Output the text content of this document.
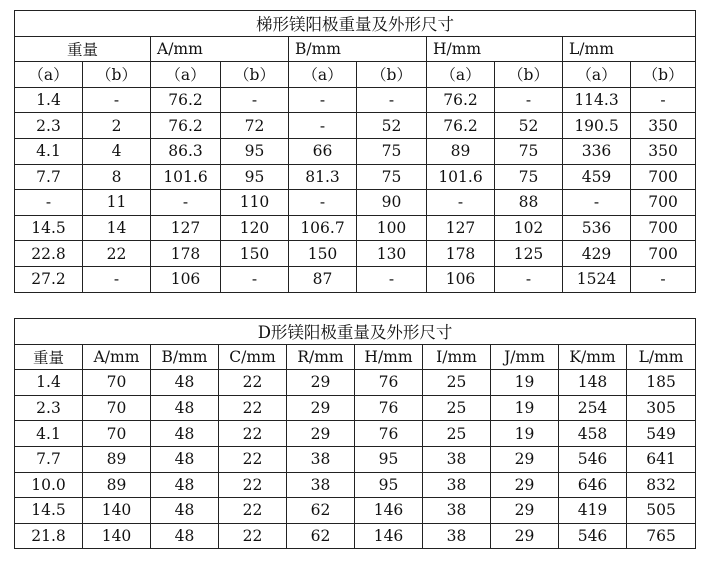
梯形镁阳极重量及外形尺寸									
重量		A/mm		B/mm		H/mm		L/mm	
（a）	（b）	（a）	（b）	（a）	（b）	（a）	（b）	（a）	（b）
1.4	-	76.2	-	-	-	76.2	-	114.3	-
2.3	2	76.2	72	-	52	76.2	52	190.5	350
4.1	4	86.3	95	66	75	89	75	336	350
7.7	8	101.6	95	81.3	75	101.6	75	459	700
-	11	-	110	-	90	-	88	-	700
14.5	14	127	120	106.7	100	127	102	536	700
22.8	22	178	150	150	130	178	125	429	700
27.2	-	106	-	87	-	106	-	1524	-
D形镁阳极重量及外形尺寸									
重量	A/mm	B/mm	C/mm	R/mm	H/mm	I/mm	J/mm	K/mm	L/mm
1.4	70	48	22	29	76	25	19	148	185
2.3	70	48	22	29	76	25	19	254	305
4.1	70	48	22	29	76	25	19	458	549
7.7	89	48	22	38	95	38	29	546	641
10.0	89	48	22	38	95	38	29	646	832
14.5	140	48	22	62	146	38	29	419	505
21.8	140	48	22	62	146	38	29	546	765
